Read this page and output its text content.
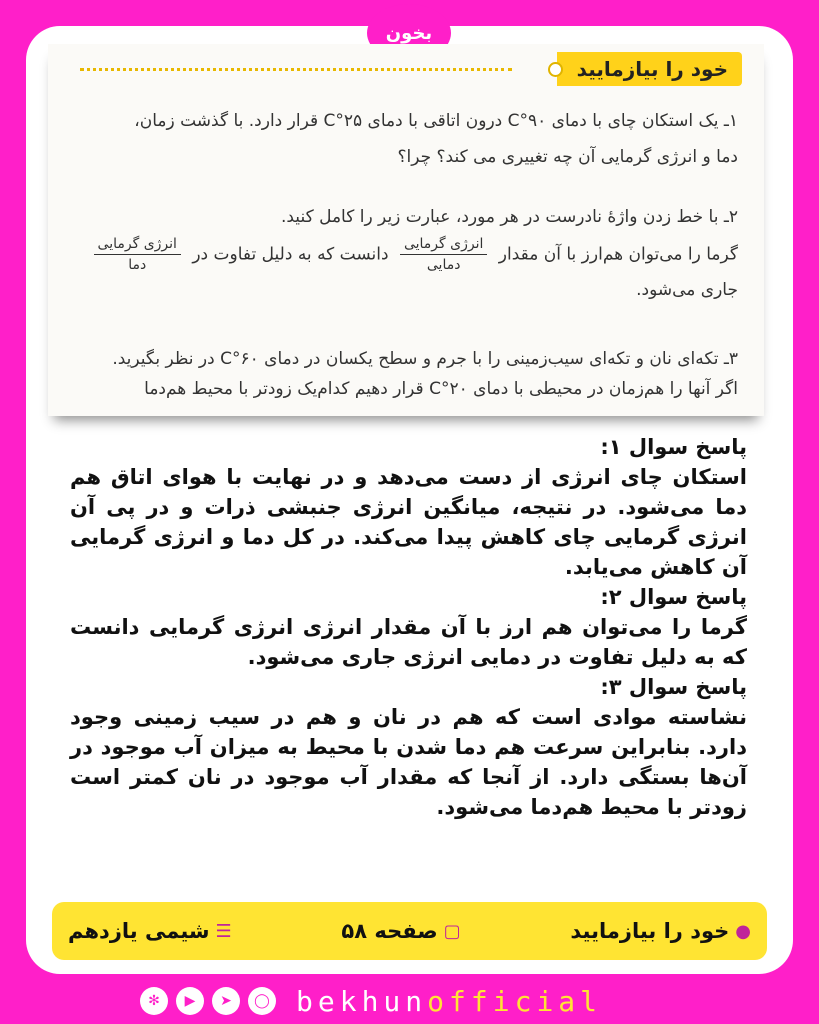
بخون
خود را بیازمایید
۱ـ یک استکان چای با دمای ۹۰°C درون اتاقی با دمای ۲۵°C قرار دارد. با گذشت زمان،
دما و انرژی گرمایی آن چه تغییری می کند؟ چرا؟
۲ـ با خط زدن واژهٔ نادرست در هر مورد، عبارت زیر را کامل کنید.
گرما را می‌توان هم‌ارز با آن مقدار
$\frac{\text{انرژی گرمایی}}{\text{دمایی}}$
دانست که به دلیل تفاوت در
$\frac{\text{انرژی گرمایی}}{\text{دما}}$
جاری می‌شود.
۳ـ تکه‌ای نان و تکه‌ای سیب‌زمینی را با جرم و سطح یکسان در دمای ۶۰°C در نظر بگیرید.
اگر آنها را هم‌زمان در محیطی با دمای ۲۰°C قرار دهیم کدام‌یک زودتر با محیط هم‌دما
پاسخ سوال ۱:
استکان چای انرژی از دست می‌دهد و در نهایت با هوای اتاق هم دما می‌شود. در نتیجه، میانگین انرژی جنبشی ذرات و در پی آن انرژی گرمایی چای کاهش پیدا می‌کند. در کل دما و انرژی گرمایی آن کاهش می‌یابد.
پاسخ سوال ۲:
گرما را می‌توان هم ارز با آن مقدار انرژی انرژی گرمایی دانست که به دلیل تفاوت در دمایی انرژی جاری می‌شود.
پاسخ سوال ۳:
نشاسته موادی است که هم در نان و هم در سیب زمینی وجود دارد. بنابراین سرعت هم دما شدن با محیط به میزان آب موجود در آن‌ها بستگی دارد. از آنجا که مقدار آب موجود در نان کمتر است زودتر با محیط هم‌دما می‌شود.
●
خود را بیازمایید
▢
صفحه ۵۸
☰
شیمی یازدهم
✻	▶	➤	◯ bekhunofficial
